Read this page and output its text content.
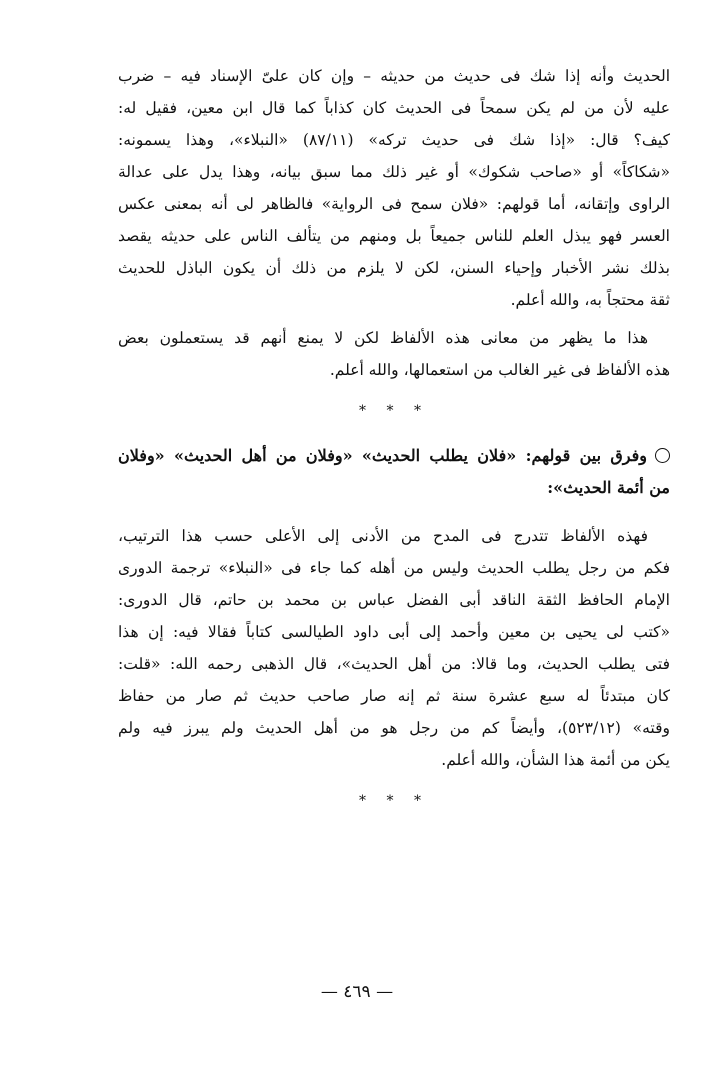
الحديث وأنه إذا شك فى حديث من حديثه – وإن كان علىّ الإسناد فيه – ضرب
عليه لأن من لم يكن سمحاً فى الحديث كان كذاباً كما قال ابن معين، فقيل له:
كيف؟ قال: «إذا شك فى حديث تركه» (٨٧/١١) «النبلاء»، وهذا يسمونه:
«شكاكاً» أو «صاحب شكوك» أو غير ذلك مما سبق بيانه، وهذا يدل على عدالة
الراوى وإتقانه، أما قولهم: «فلان سمح فى الرواية» فالظاهر لى أنه بمعنى عكس
العسر فهو يبذل العلم للناس جميعاً بل ومنهم من يتألف الناس على حديثه يقصد
بذلك نشر الأخبار وإحياء السنن، لكن لا يلزم من ذلك أن يكون الباذل للحديث
ثقة محتجاً به، والله أعلم.
هذا ما يظهر من معانى هذه الألفاظ لكن لا يمنع أنهم قد يستعملون بعض
هذه الألفاظ فى غير الغالب من استعمالها، والله أعلم.
* * *
وفرق بين قولهم: «فلان يطلب الحديث» «وفلان من أهل الحديث» «وفلان
من أئمة الحديث»:
فهذه الألفاظ تتدرج فى المدح من الأدنى إلى الأعلى حسب هذا الترتيب،
فكم من رجل يطلب الحديث وليس من أهله كما جاء فى «النبلاء» ترجمة الدورى
الإمام الحافظ الثقة الناقد أبى الفضل عباس بن محمد بن حاتم، قال الدورى:
«كتب لى يحيى بن معين وأحمد إلى أبى داود الطيالسى كتاباً فقالا فيه: إن هذا
فتى يطلب الحديث، وما قالا: من أهل الحديث»، قال الذهبى رحمه الله: «قلت:
كان مبتدئاً له سبع عشرة سنة ثم إنه صار صاحب حديث ثم صار من حفاظ
وقته» (٥٢٣/١٢)، وأيضاً كم من رجل هو من أهل الحديث ولم يبرز فيه ولم
يكن من أئمة هذا الشأن، والله أعلم.
* * *
— ٤٦٩ —
